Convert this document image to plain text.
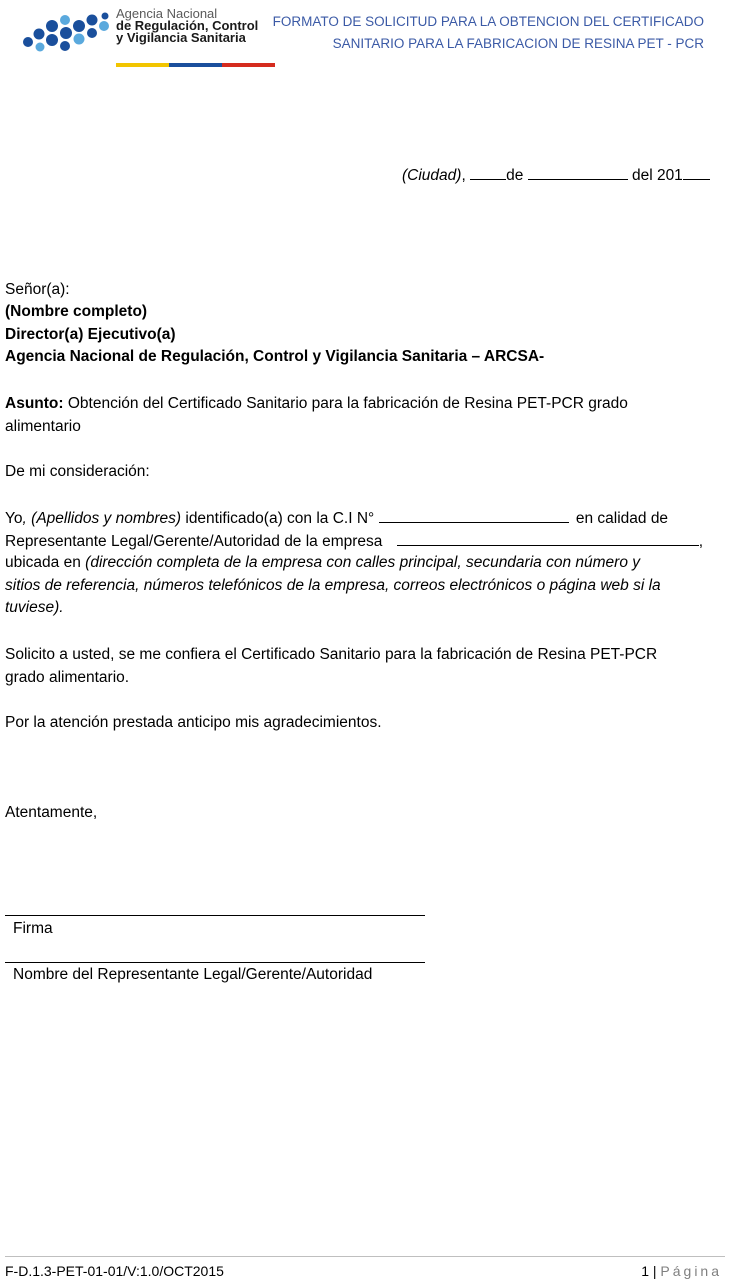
Agencia Nacional
de Regulación, Control
y Vigilancia Sanitaria
FORMATO DE SOLICITUD PARA LA OBTENCION DEL CERTIFICADO
SANITARIO PARA LA FABRICACION DE RESINA PET - PCR
(Ciudad),	de	del 201
Señor(a):
(Nombre completo)
Director(a) Ejecutivo(a)
Agencia Nacional de Regulación, Control y Vigilancia Sanitaria – ARCSA-
Asunto: Obtención del Certificado Sanitario para la fabricación de Resina PET-PCR grado
alimentario
De mi consideración:
Yo, (Apellidos y nombres) identificado(a) con la C.I N°	en calidad de
Representante Legal/Gerente/Autoridad de la empresa	,
ubicada en (dirección completa de la empresa con calles principal, secundaria con número y
sitios de referencia, números telefónicos de la empresa, correos electrónicos o página web si la
tuviese).
Solicito a usted, se me confiera el Certificado Sanitario para la fabricación de Resina PET-PCR
grado alimentario.
Por la atención prestada anticipo mis agradecimientos.
Atentamente,
Firma
Nombre del Representante Legal/Gerente/Autoridad
F-D.1.3-PET-01-01/V:1.0/OCT2015	1 | Página
